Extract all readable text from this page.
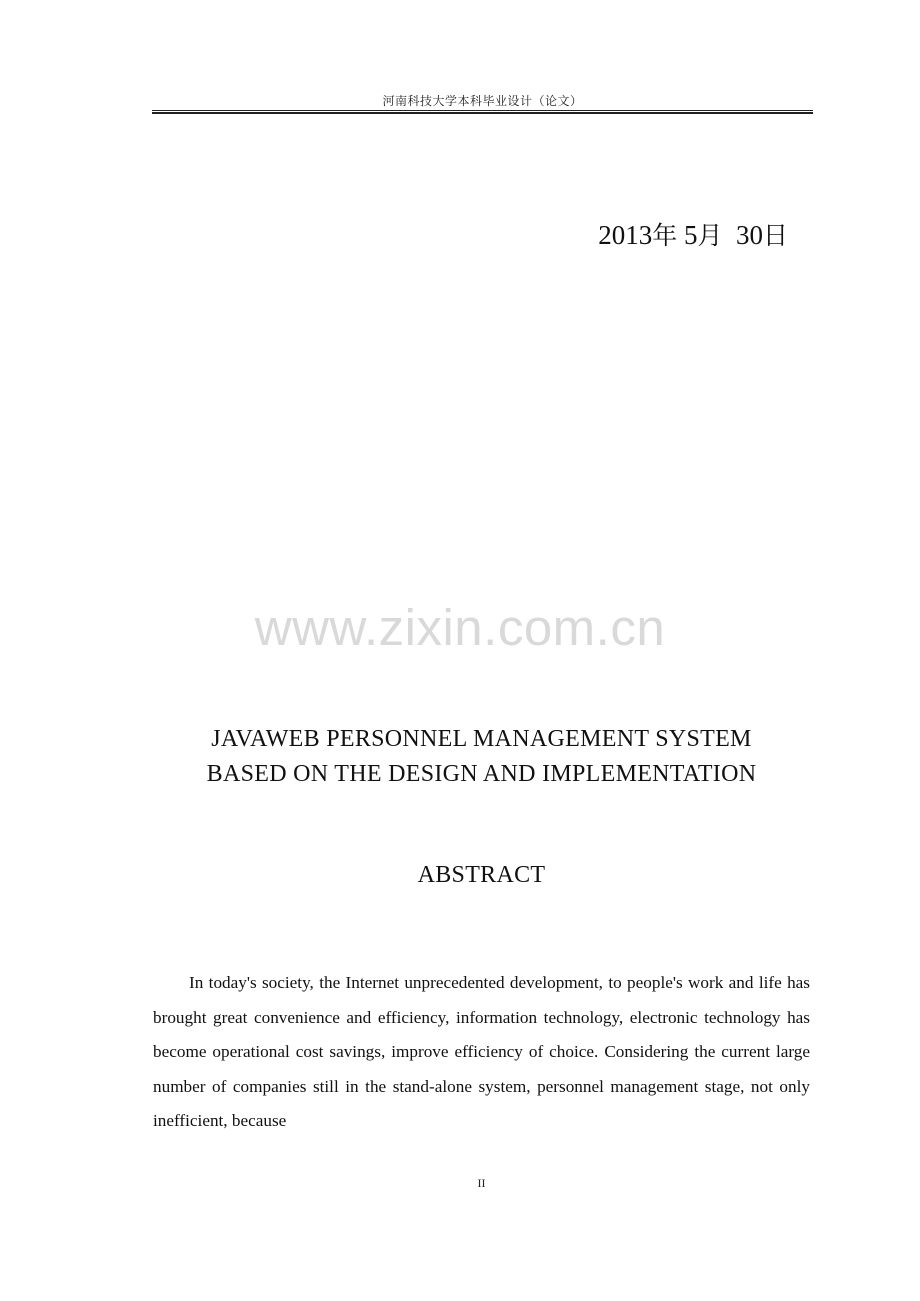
河南科技大学本科毕业设计（论文）
2013年 5月 30日
www.zixin.com.cn
JAVAWEB PERSONNEL MANAGEMENT SYSTEM
BASED ON THE DESIGN AND IMPLEMENTATION
ABSTRACT

In today's society, the Internet unprecedented development, to people's work and life has brought great convenience and efficiency, information technology, electronic technology has become operational cost savings, improve efficiency of choice. Considering the current large number of companies still in the stand-alone system, personnel management stage, not only inefficient, because

II
